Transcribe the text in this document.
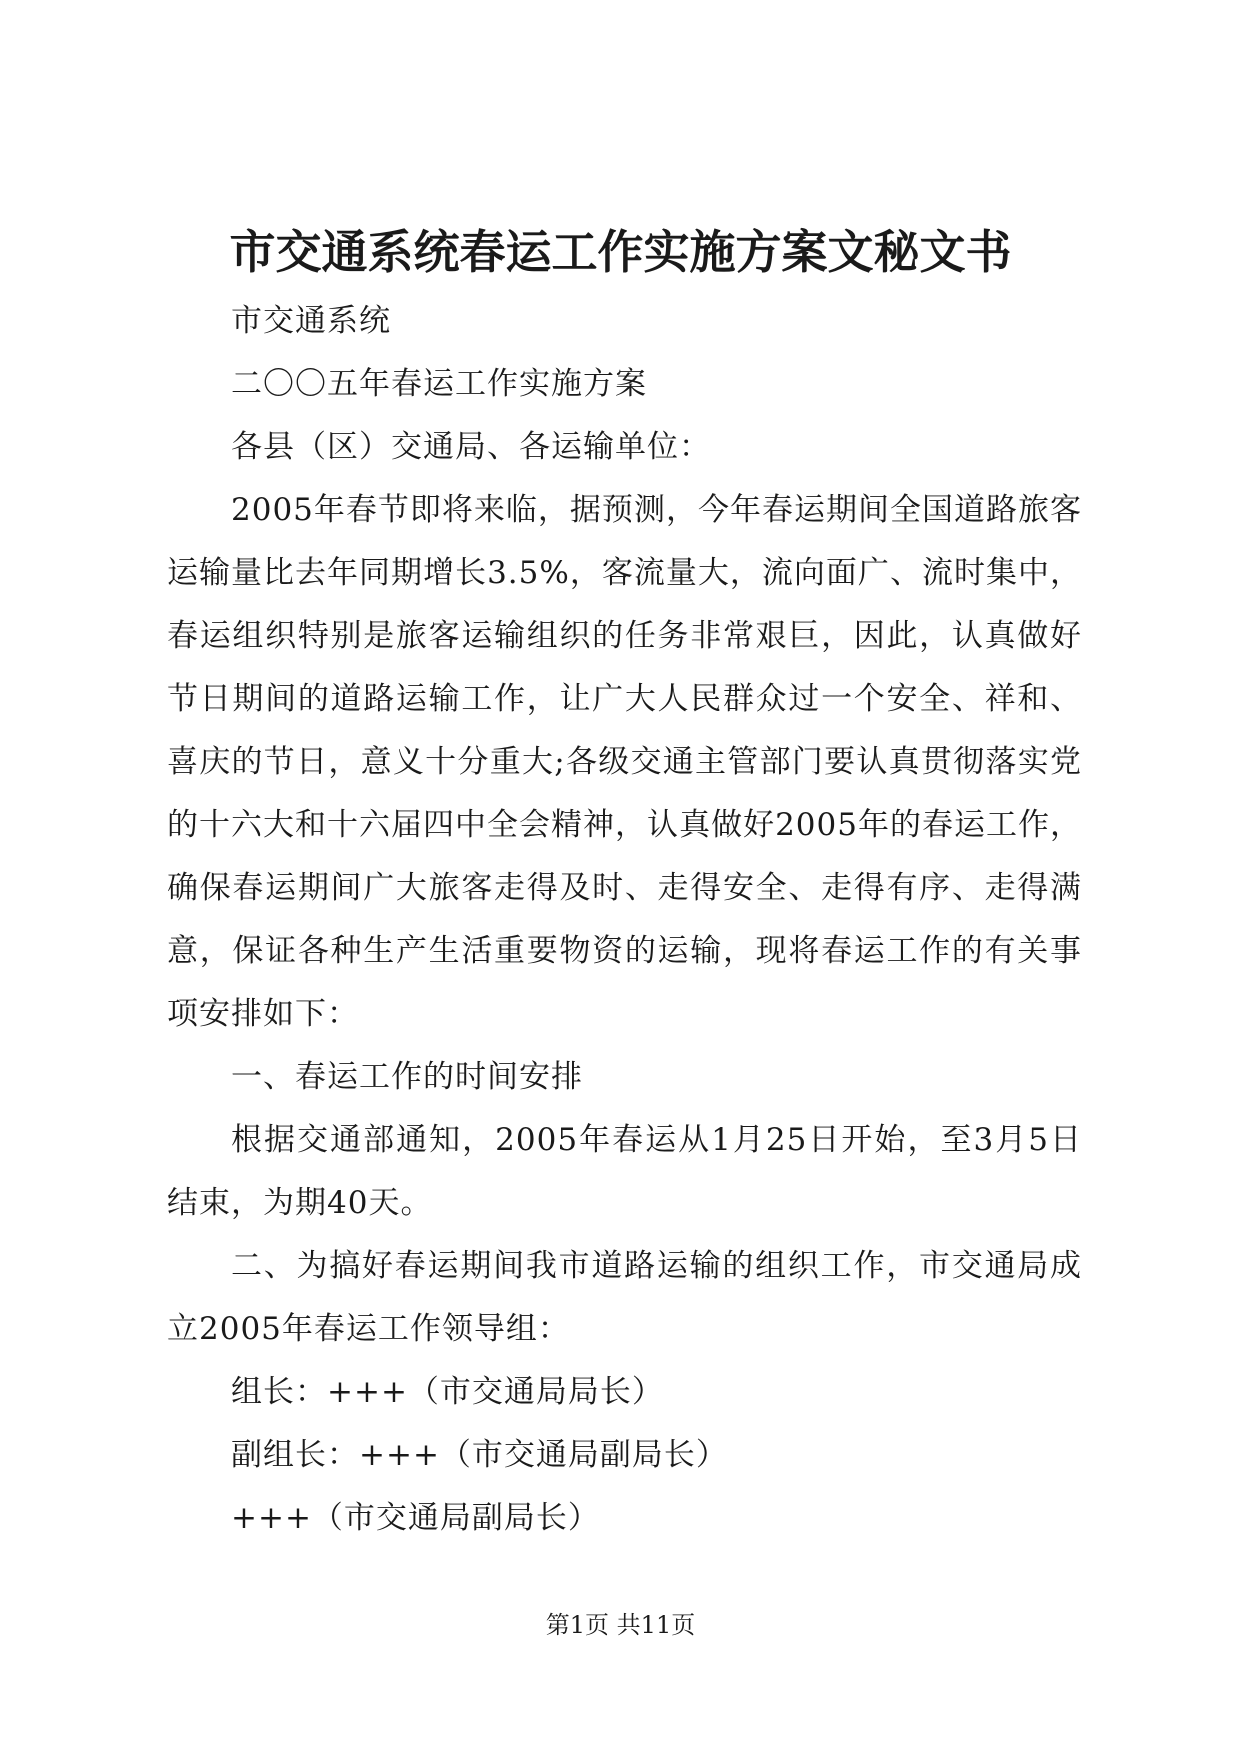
市交通系统春运工作实施方案文秘文书

市交通系统

二〇〇五年春运工作实施方案

各县（区）交通局、各运输单位：

2005年春节即将来临，据预测，今年春运期间全国道路旅客运输量比去年同期增长3.5%，客流量大，流向面广、流时集中，春运组织特别是旅客运输组织的任务非常艰巨，因此，认真做好节日期间的道路运输工作，让广大人民群众过一个安全、祥和、喜庆的节日，意义十分重大;各级交通主管部门要认真贯彻落实党的十六大和十六届四中全会精神，认真做好2005年的春运工作，确保春运期间广大旅客走得及时、走得安全、走得有序、走得满意，保证各种生产生活重要物资的运输，现将春运工作的有关事项安排如下：

一、春运工作的时间安排

根据交通部通知，2005年春运从1月25日开始，至3月5日结束，为期40天。

二、为搞好春运期间我市道路运输的组织工作，市交通局成立2005年春运工作领导组：

组长：+++（市交通局局长）

副组长：+++（市交通局副局长）

+++（市交通局副局长）

第1页 共11页
